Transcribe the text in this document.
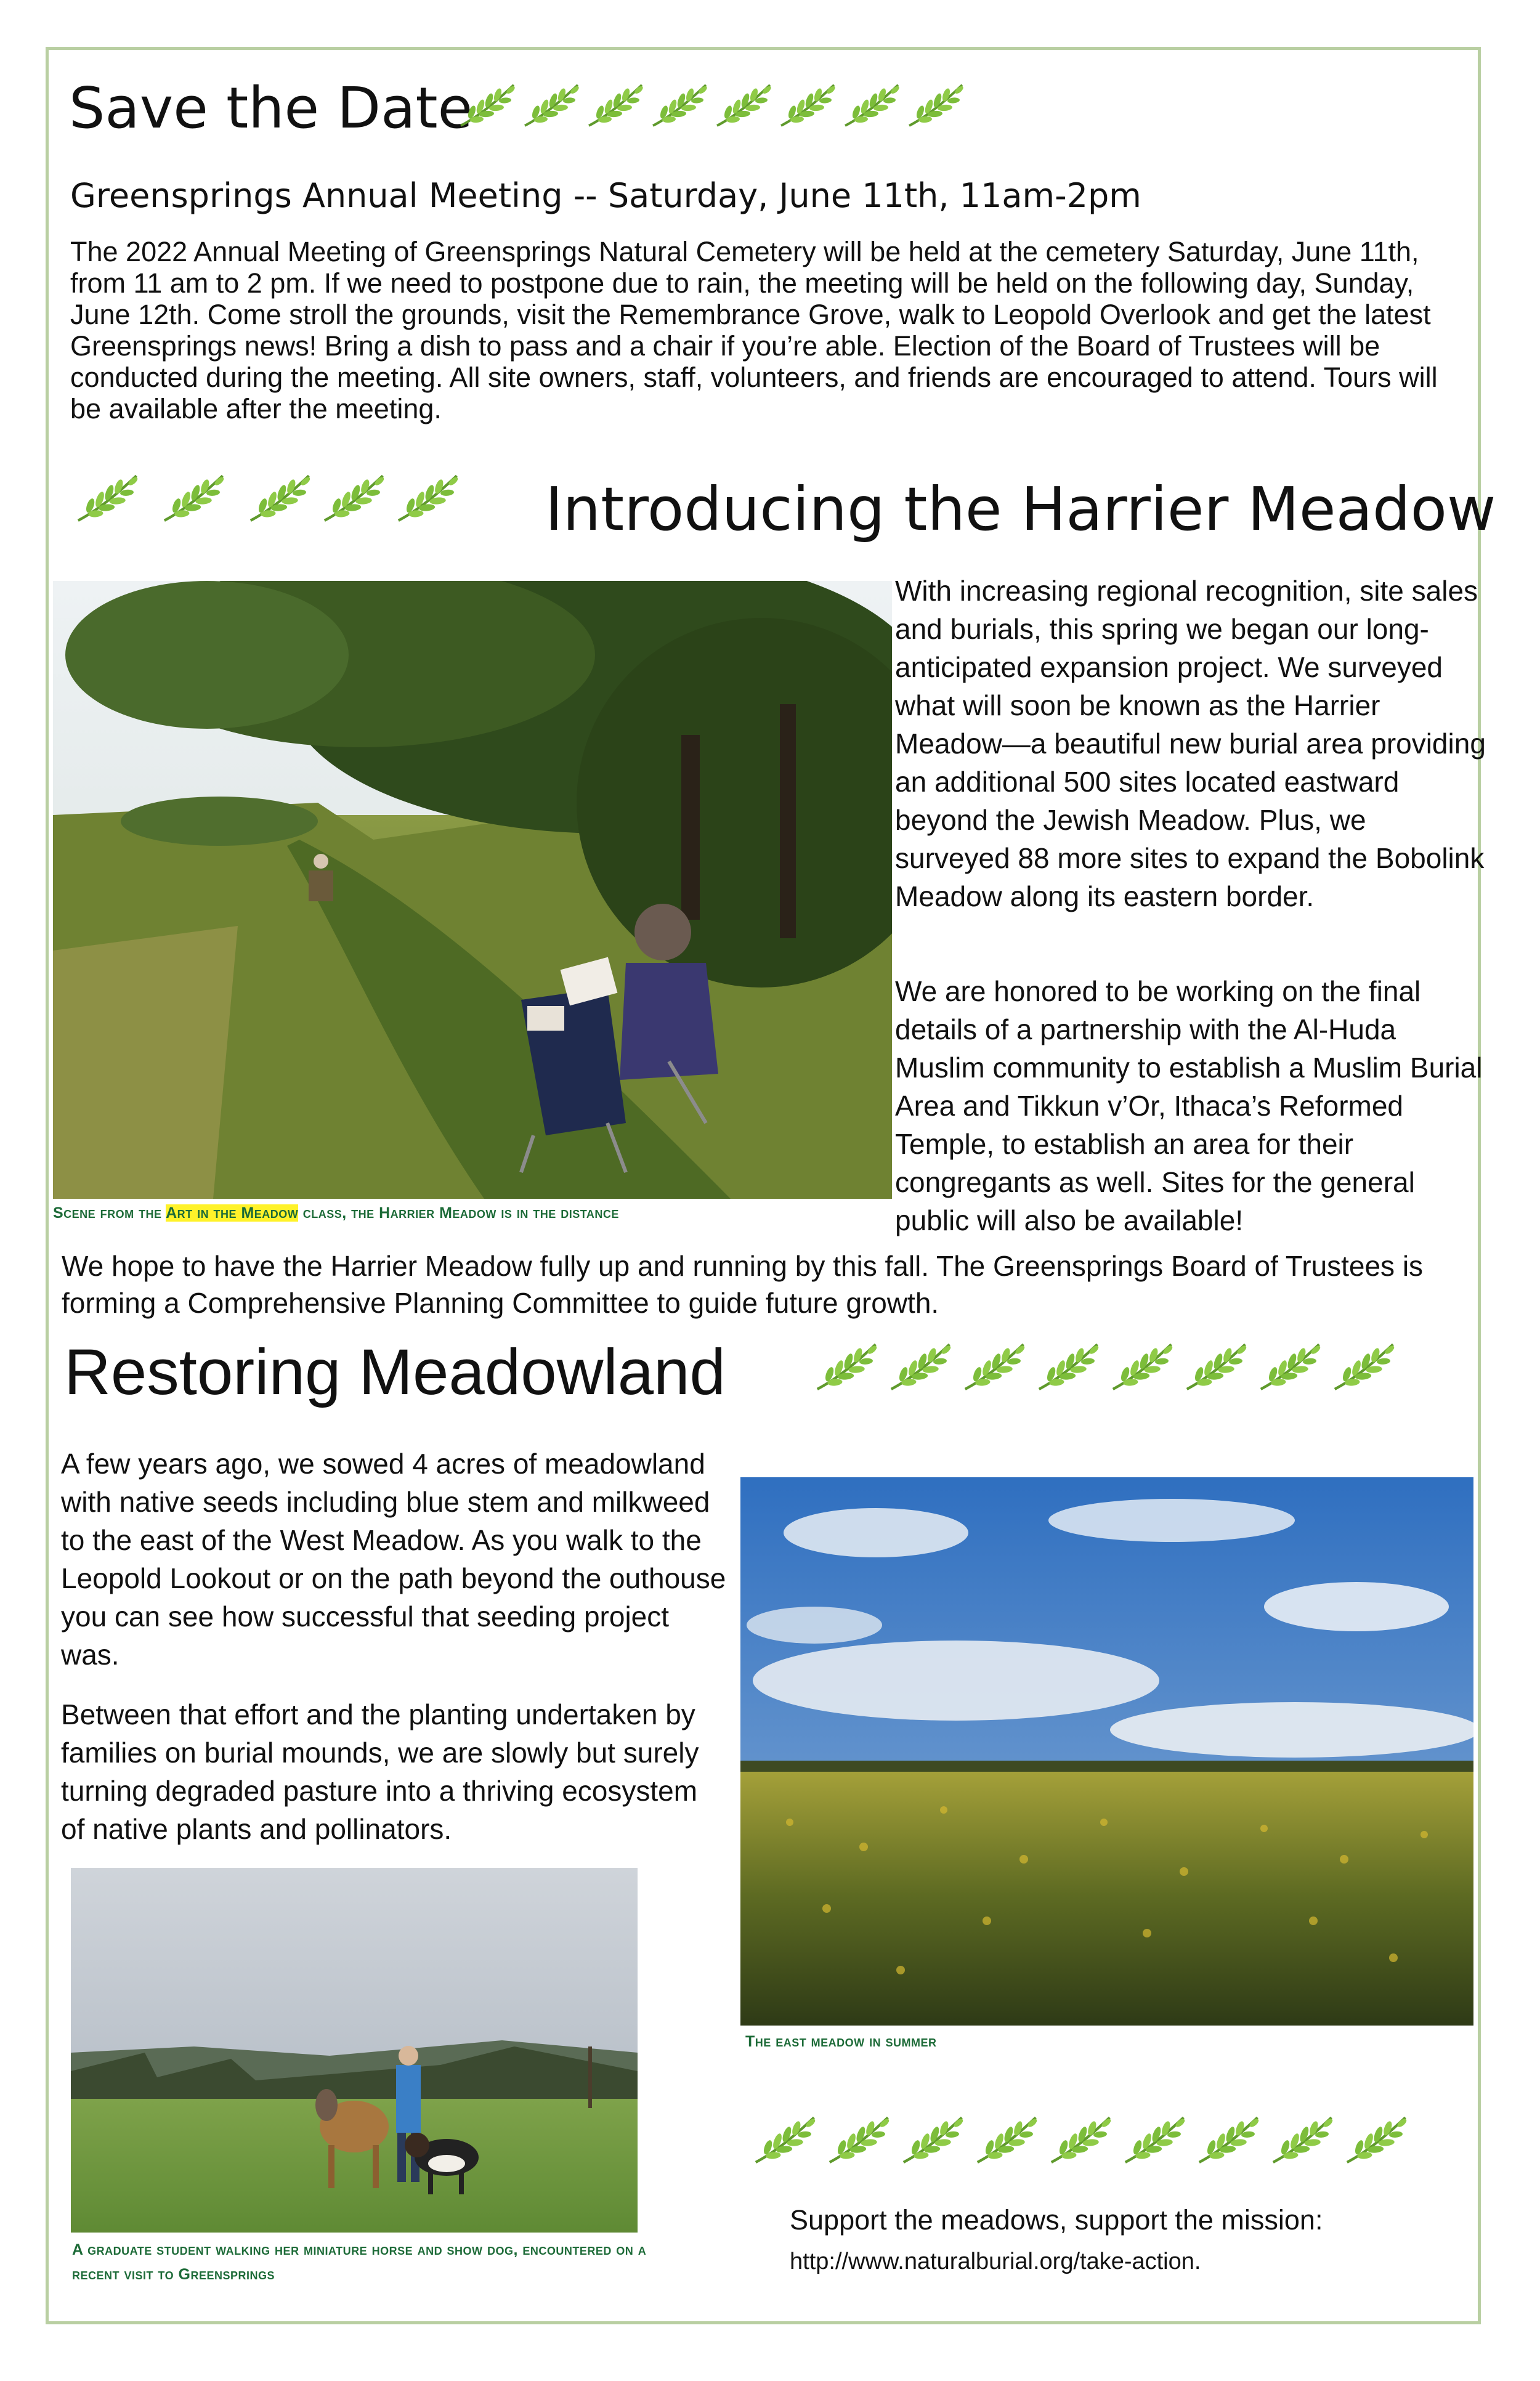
Save the Date
Greensprings Annual Meeting -- Saturday, June 11th, 11am-2pm
The 2022 Annual Meeting of Greensprings Natural Cemetery will be held at the cemetery Saturday, June 11th, from 11 am to 2 pm. If we need to postpone due to rain, the meeting will be held on the following day, Sunday, June 12th. Come stroll the grounds, visit the Remembrance Grove, walk to Leopold Overlook and get the latest Greensprings news! Bring a dish to pass and a chair if you’re able. Election of the Board of Trustees will be conducted during the meeting. All site owners, staff, volunteers, and friends are encouraged to attend. Tours will be available after the meeting.
Introducing the Harrier Meadow
Scene from the Art in the Meadow class, the Harrier Meadow is in the distance
With increasing regional recognition, site sales and burials, this spring we began our long-anticipated expansion project. We surveyed what will soon be known as the Harrier Meadow—a beautiful new burial area providing an additional 500 sites located eastward beyond the Jewish Meadow. Plus, we surveyed 88 more sites to expand the Bobolink Meadow along its eastern border.
We are honored to be working on the final details of a partnership with the Al-Huda Muslim community to establish a Muslim Burial Area and Tikkun v’Or, Ithaca’s Reformed Temple, to establish an area for their congregants as well. Sites for the general public will also be available!
We hope to have the Harrier Meadow fully up and running by this fall. The Greensprings Board of Trustees is forming a Comprehensive Planning Committee to guide future growth.
Restoring Meadowland
A few years ago, we sowed 4 acres of meadowland with native seeds including blue stem and milkweed to the east of the West Meadow. As you walk to the Leopold Lookout or on the path beyond the outhouse you can see how successful that seeding project was.
Between that effort and the planting undertaken by families on burial mounds, we are slowly but surely turning degraded pasture into a thriving ecosystem of native plants and pollinators.
The east meadow in summer
A graduate student walking her miniature horse and show dog, encountered on a recent visit to Greensprings
Support the meadows, support the mission:
http://www.naturalburial.org/take-action.
